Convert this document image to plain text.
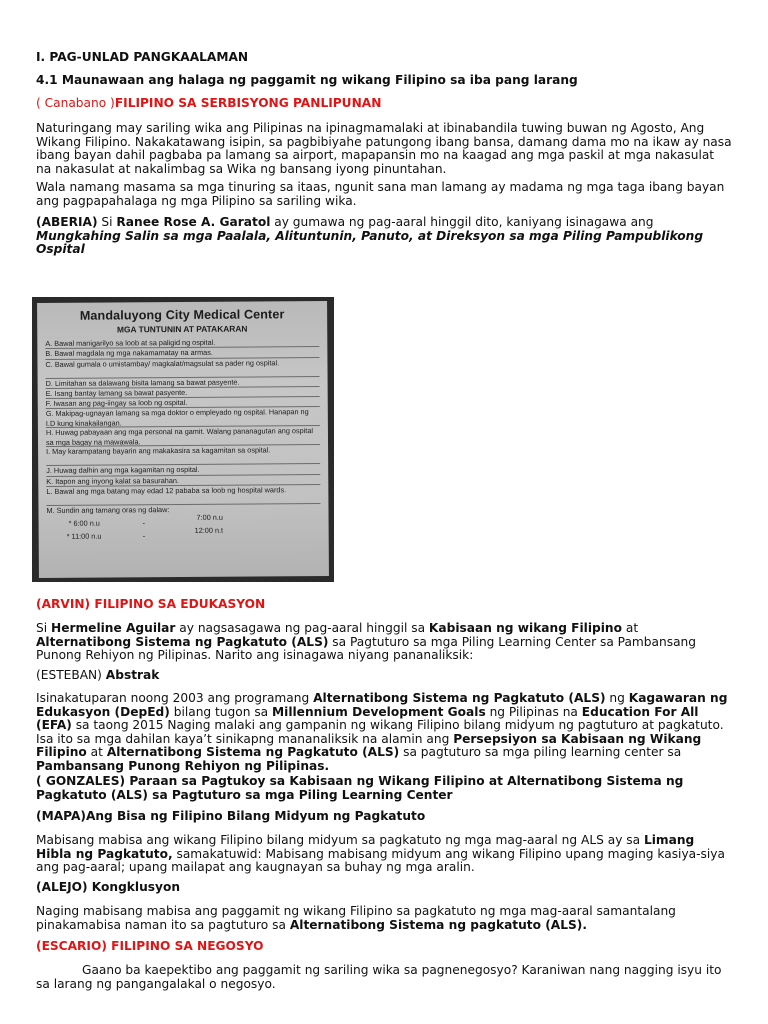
I. PAG-UNLAD PANGKAALAMAN
4.1 Maunawaan ang halaga ng paggamit ng wikang Filipino sa iba pang larang
( Canabano )FILIPINO SA SERBISYONG PANLIPUNAN
Naturingang may sariling wika ang Pilipinas na ipinagmamalaki at ibinabandila tuwing buwan ng Agosto, Ang Wikang Filipino. Nakakatawang isipin, sa pagbibiyahe patungong ibang bansa, damang dama mo na ikaw ay nasa ibang bayan dahil pagbaba pa lamang sa airport, mapapansin mo na kaagad ang mga paskil at mga nakasulat na nakasulat at nakalimbag sa Wika ng bansang iyong pinuntahan.
Wala namang masama sa mga tinuring sa itaas, ngunit sana man lamang ay madama ng mga taga ibang bayan ang pagpapahalaga ng mga Pilipino sa sariling wika.
(ABERIA) Si Ranee Rose A. Garatol ay gumawa ng pag-aaral hinggil dito, kaniyang isinagawa ang Mungkahing Salin sa mga Paalala, Alituntunin, Panuto, at Direksyon sa mga Piling Pampublikong Ospital
Mandaluyong City Medical Center
MGA TUNTUNIN AT PATAKARAN
A. Bawal manigarilyo sa loob at sa paligid ng ospital.
B. Bawal magdala ng mga nakamamatay na armas.
C. Bawal gumala o umistambay/ magkalat/magsulat sa pader ng ospital.
D. Limitahan sa dalawang bisita lamang sa bawat pasyente.
E. Isang bantay lamang sa bawat pasyente.
F. Iwasan ang pag-iingay sa loob ng ospital.
G. Makipag-ugnayan lamang sa mga doktor o empleyado ng ospital. Hanapan ng I.D kung kinakailangan.
H. Huwag pabayaan ang mga personal na gamit. Walang pananagutan ang ospital sa mga bagay na mawawala.
I. May karampatang bayarin ang makakasira sa kagamitan sa ospital.
J. Huwag dalhin ang mga kagamitan ng ospital.
K. Itapon ang inyong kalat sa basurahan.
L. Bawal ang mga batang may edad 12 pababa sa loob ng hospital wards.
M. Sundin ang tamang oras ng dalaw:
* 6:00 n.u	-
7:00 n.u
* 11:00 n.u	-
12:00 n.t
(ARVIN) FILIPINO SA EDUKASYON
Si Hermeline Aguilar ay nagsasagawa ng pag-aaral hinggil sa Kabisaan ng wikang Filipino at Alternatibong Sistema ng Pagkatuto (ALS) sa Pagtuturo sa mga Piling Learning Center sa Pambansang Punong Rehiyon ng Pilipinas. Narito ang isinagawa niyang pananaliksik:
(ESTEBAN) Abstrak
Isinakatuparan noong 2003 ang programang Alternatibong Sistema ng Pagkatuto (ALS) ng Kagawaran ng Edukasyon (DepEd) bilang tugon sa Millennium Development Goals ng Pilipinas na Education For All (EFA) sa taong 2015 Naging malaki ang gampanin ng wikang Filipino bilang midyum ng pagtuturo at pagkatuto. Isa ito sa mga dahilan kaya’t sinikapng mananaliksik na alamin ang Persepsiyon sa Kabisaan ng Wikang Filipino at Alternatibong Sistema ng Pagkatuto (ALS) sa pagtuturo sa mga piling learning center sa Pambansang Punong Rehiyon ng Pilipinas.
( GONZALES) Paraan sa Pagtukoy sa Kabisaan ng Wikang Filipino at Alternatibong Sistema ng Pagkatuto (ALS) sa Pagtuturo sa mga Piling Learning Center
(MAPA)Ang Bisa ng Filipino Bilang Midyum ng Pagkatuto
Mabisang mabisa ang wikang Filipino bilang midyum sa pagkatuto ng mga mag-aaral ng ALS ay sa Limang Hibla ng Pagkatuto, samakatuwid: Mabisang mabisang midyum ang wikang Filipino upang maging kasiya-siya ang pag-aaral; upang mailapat ang kaugnayan sa buhay ng mga aralin.
(ALEJO) Kongklusyon
Naging mabisang mabisa ang paggamit ng wikang Filipino sa pagkatuto ng mga mag-aaral samantalang pinakamabisa naman ito sa pagtuturo sa Alternatibong Sistema ng pagkatuto (ALS).
(ESCARIO) FILIPINO SA NEGOSYO
Gaano ba kaepektibo ang paggamit ng sariling wika sa pagnenegosyo? Karaniwan nang nagging isyu ito sa larang ng pangangalakal o negosyo.
